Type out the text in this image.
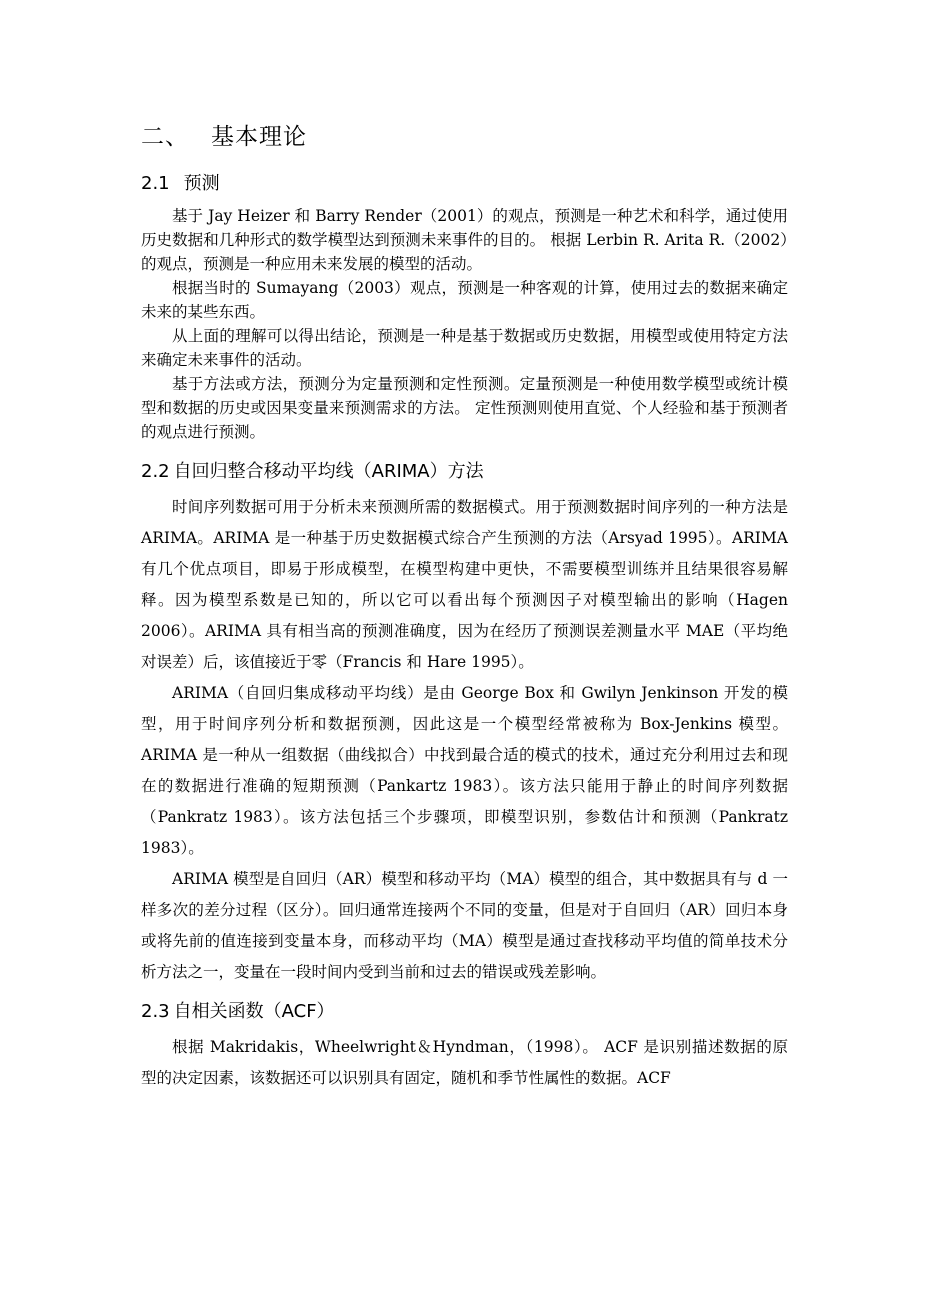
二、 基本理论
2.1 预测

基于 Jay Heizer 和 Barry Render（2001）的观点，预测是一种艺术和科学，通过使用历史数据和几种形式的数学模型达到预测未来事件的目的。 根据 Lerbin R. Arita R.（2002）的观点，预测是一种应用未来发展的模型的活动。

根据当时的 Sumayang（2003）观点，预测是一种客观的计算，使用过去的数据来确定未来的某些东西。

从上面的理解可以得出结论，预测是一种是基于数据或历史数据，用模型或使用特定方法来确定未来事件的活动。

基于方法或方法，预测分为定量预测和定性预测。定量预测是一种使用数学模型或统计模型和数据的历史或因果变量来预测需求的方法。 定性预测则使用直觉、个人经验和基于预测者的观点进行预测。

2.2 自回归整合移动平均线（ARIMA）方法

时间序列数据可用于分析未来预测所需的数据模式。用于预测数据时间序列的一种方法是 ARIMA。ARIMA 是一种基于历史数据模式综合产生预测的方法（Arsyad 1995）。ARIMA 有几个优点项目，即易于形成模型，在模型构建中更快，不需要模型训练并且结果很容易解释。因为模型系数是已知的，所以它可以看出每个预测因子对模型输出的影响（Hagen 2006）。ARIMA 具有相当高的预测准确度，因为在经历了预测误差测量水平 MAE（平均绝对误差）后，该值接近于零（Francis 和 Hare 1995）。

ARIMA（自回归集成移动平均线）是由 George Box 和 Gwilyn Jenkinson 开发的模型，用于时间序列分析和数据预测，因此这是一个模型经常被称为 Box-Jenkins 模型。 ARIMA 是一种从一组数据（曲线拟合）中找到最合适的模式的技术，通过充分利用过去和现在的数据进行准确的短期预测（Pankartz 1983）。该方法只能用于静止的时间序列数据（Pankratz 1983）。该方法包括三个步骤项，即模型识别，参数估计和预测（Pankratz 1983）。

ARIMA 模型是自回归（AR）模型和移动平均（MA）模型的组合，其中数据具有与 d 一样多次的差分过程（区分）。回归通常连接两个不同的变量，但是对于自回归（AR）回归本身或将先前的值连接到变量本身，而移动平均（MA）模型是通过查找移动平均值的简单技术分析方法之一，变量在一段时间内受到当前和过去的错误或残差影响。

2.3 自相关函数（ACF）

根据 Makridakis，Wheelwright＆Hyndman，（1998）。 ACF 是识别描述数据的原型的决定因素，该数据还可以识别具有固定，随机和季节性属性的数据。ACF
